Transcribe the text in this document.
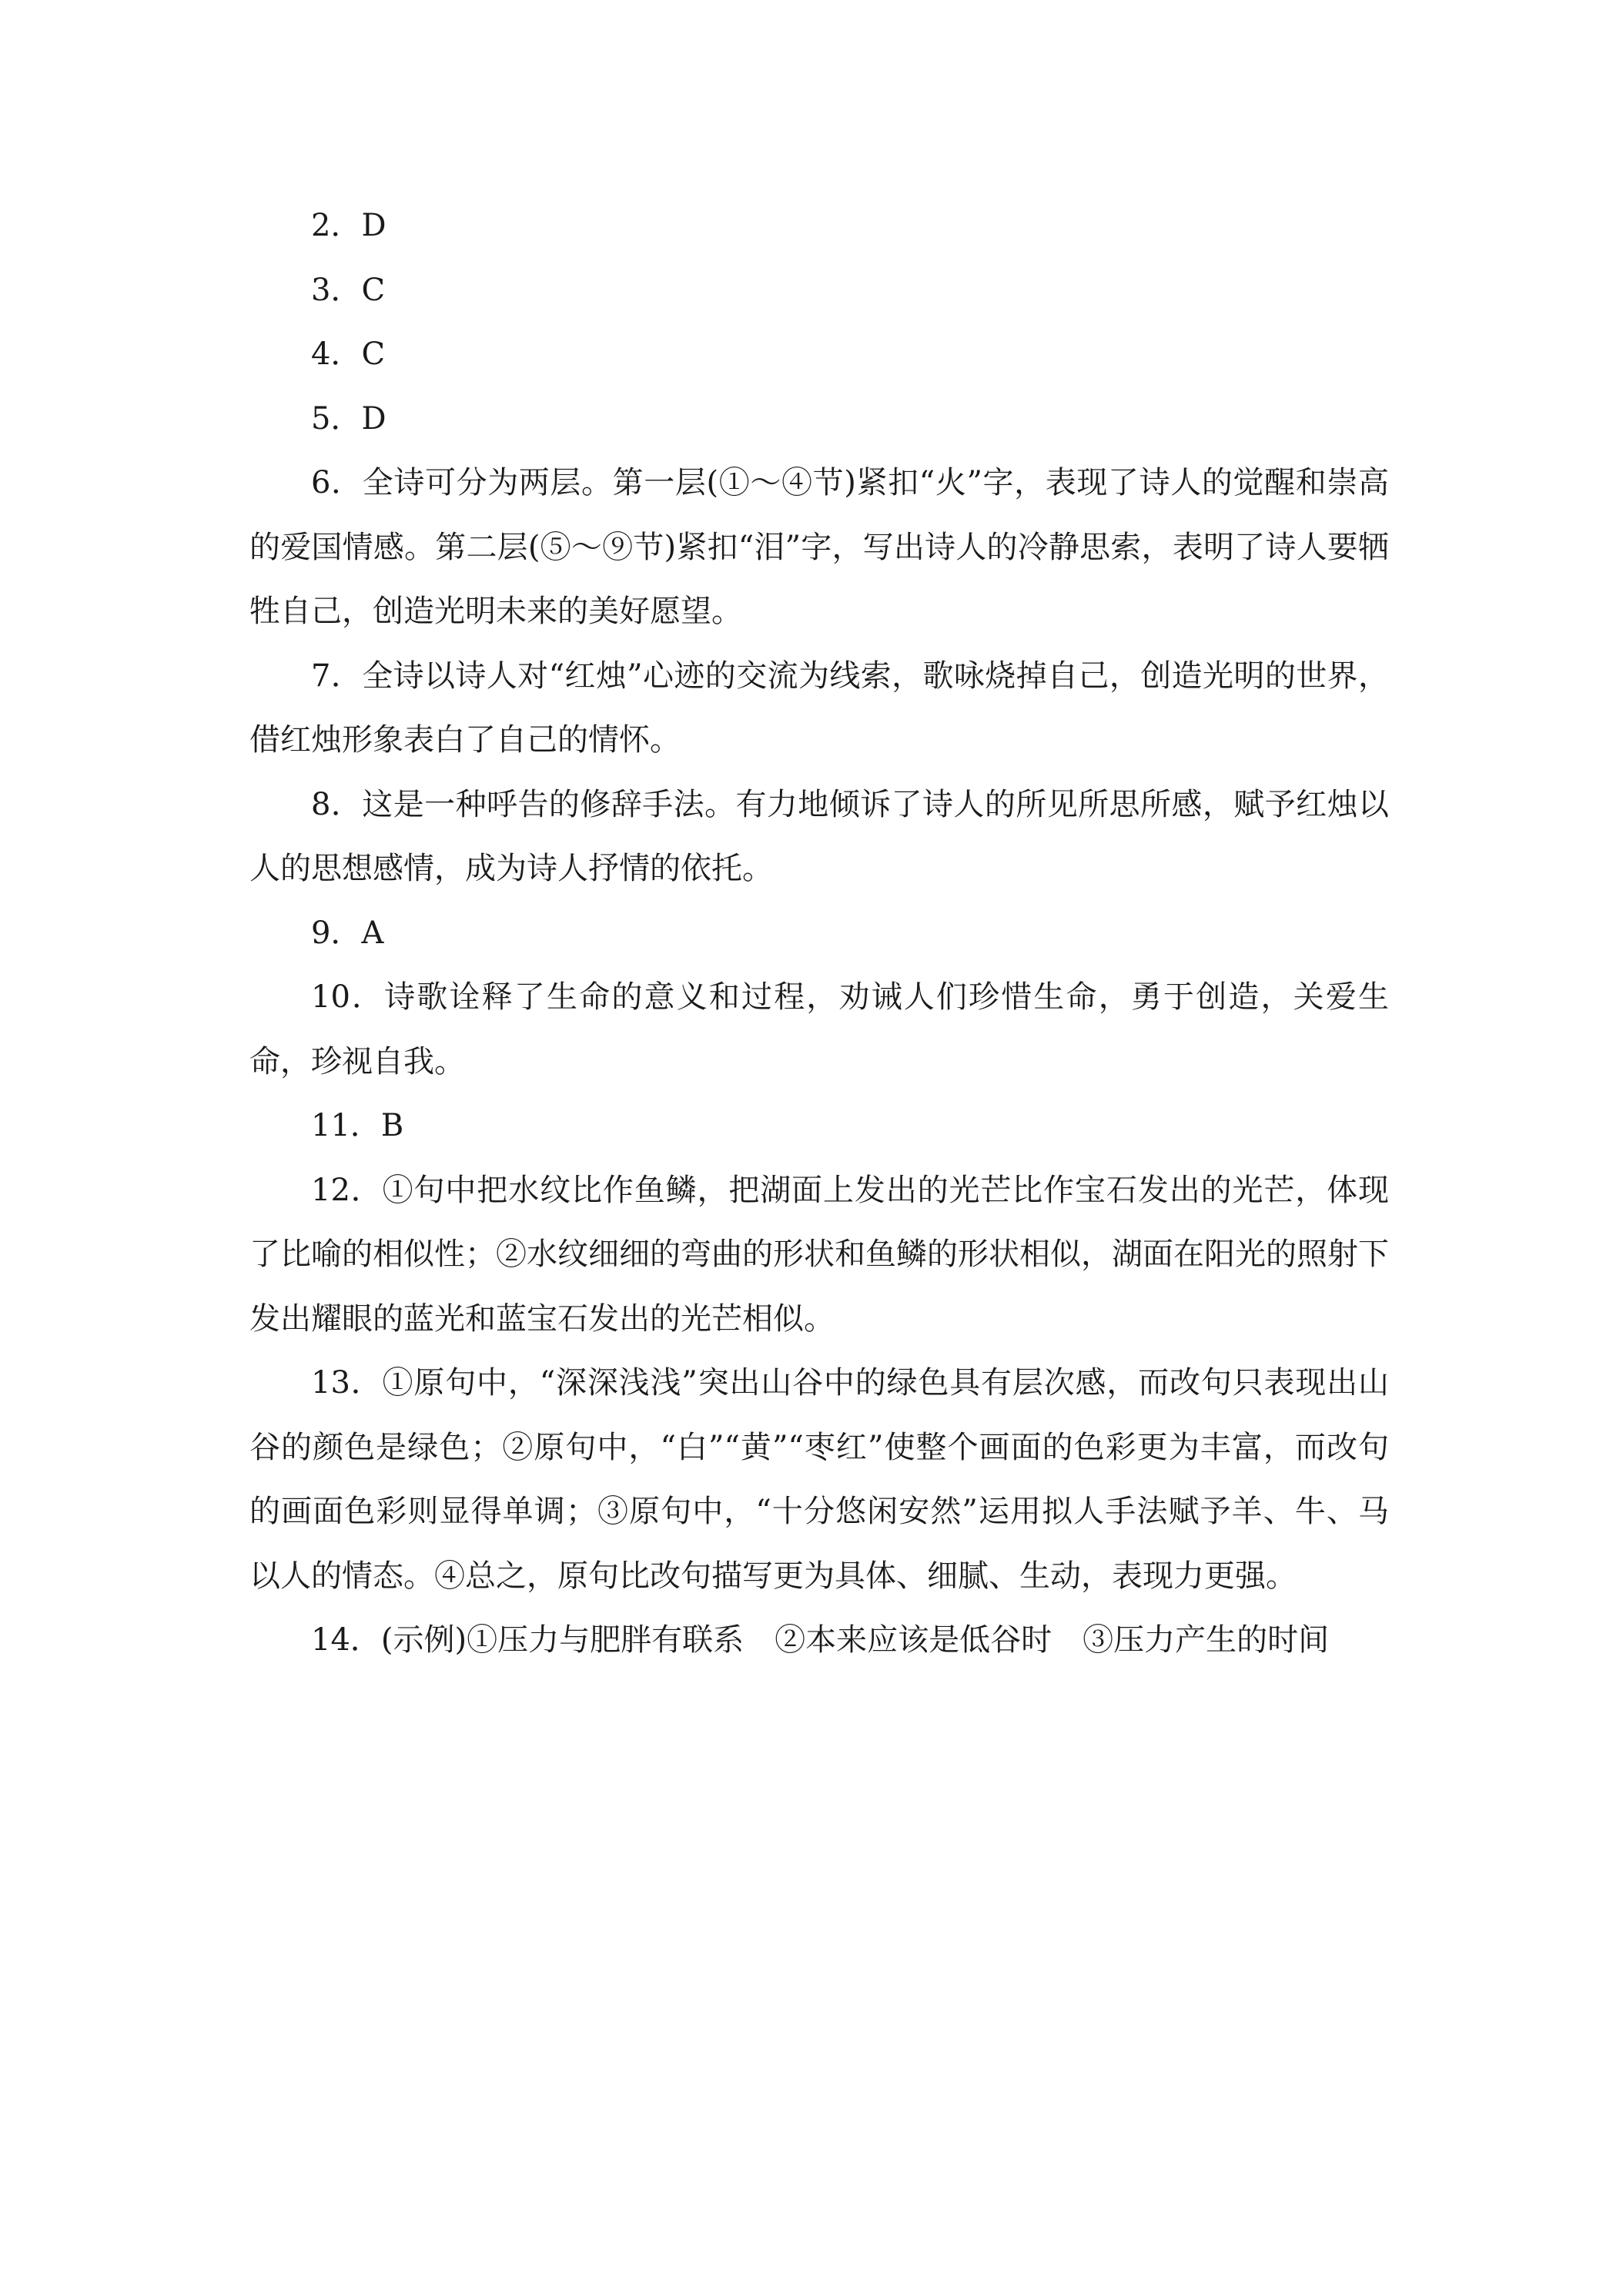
2．D

3．C

4．C

5．D

6．全诗可分为两层。第一层(①～④节)紧扣“火”字，表现了诗人的觉醒和崇高的爱国情感。第二层(⑤～⑨节)紧扣“泪”字，写出诗人的冷静思索，表明了诗人要牺牲自己，创造光明未来的美好愿望。

7．全诗以诗人对“红烛”心迹的交流为线索，歌咏烧掉自己，创造光明的世界，借红烛形象表白了自己的情怀。

8．这是一种呼告的修辞手法。有力地倾诉了诗人的所见所思所感，赋予红烛以人的思想感情，成为诗人抒情的依托。

9．A

10．诗歌诠释了生命的意义和过程，劝诫人们珍惜生命，勇于创造，关爱生命，珍视自我。

11．B

12．①句中把水纹比作鱼鳞，把湖面上发出的光芒比作宝石发出的光芒，体现了比喻的相似性；②水纹细细的弯曲的形状和鱼鳞的形状相似，湖面在阳光的照射下发出耀眼的蓝光和蓝宝石发出的光芒相似。

13．①原句中，“深深浅浅”突出山谷中的绿色具有层次感，而改句只表现出山谷的颜色是绿色；②原句中，“白”“黄”“枣红”使整个画面的色彩更为丰富，而改句的画面色彩则显得单调；③原句中，“十分悠闲安然”运用拟人手法赋予羊、牛、马以人的情态。④总之，原句比改句描写更为具体、细腻、生动，表现力更强。

14．(示例)①压力与肥胖有联系　②本来应该是低谷时　③压力产生的时间
